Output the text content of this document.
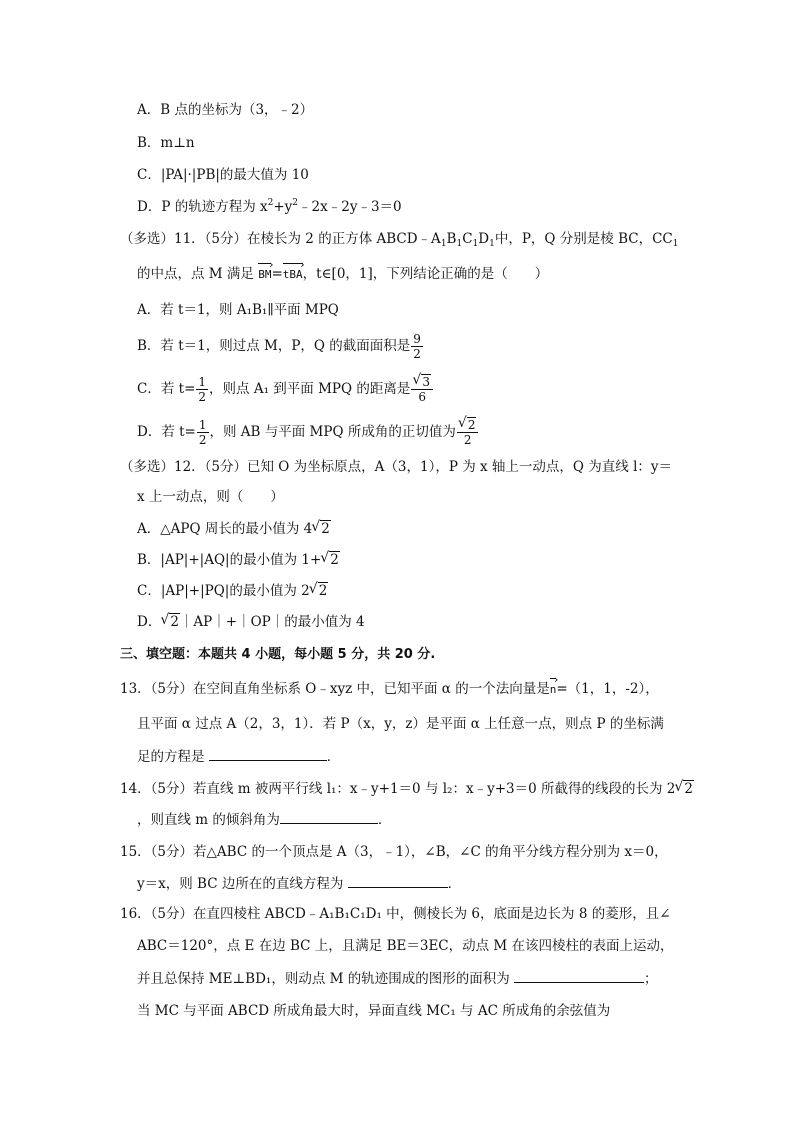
A．B 点的坐标为（3，﹣2）
B．m⊥n
C．|PA|·|PB|的最大值为 10
D．P 的轨迹方程为 $x^2+y^2﹣2x﹣2y﹣3=0$
（多选）11．（5分）在棱长为 2 的正方体 $ABCD﹣A_1B_1C_1D_1$中，P，Q 分别是棱 BC，$CC_1$
的中点，点 M 满足 › BM=› tBA，t∈[0，1]，下列结论正确的是（　　）
A．若 t＝1，则 A₁B₁∥平面 MPQ
B．若 t＝1，则过点 M，P，Q 的截面面积是 $\frac{9}{2}$
C．若 $t= \frac{1}{2}$ ，则点 A₁ 到平面 MPQ 的距离是 √ $\frac{3}{6}$
D．若 $t= \frac{1}{2}$ ，则 AB 与平面 MPQ 所成角的正切值为 √ $\frac{2}{2}$
（多选）12．（5分）已知 O 为坐标原点，A（3，1），P 为 x 轴上一动点，Q 为直线 l：y＝
x 上一动点，则（　　）
A．△APQ 周长的最小值为 4 √ 2
B．|AP|+|AQ|的最小值为 1+ √ 2
C．|AP|+|PQ|的最小值为 2 √ 2
D． √ 2｜AP｜+｜OP｜的最小值为 4
三、填空题：本题共 4 小题，每小题 5 分，共 20 分.
13．（5分）在空间直角坐标系 O﹣xyz 中，已知平面 α 的一个法向量是› n=（1，1，-2），
且平面 α 过点 A（2，3，1）．若 P（x，y，z）是平面 α 上任意一点，则点 P 的坐标满
足的方程是	．
14．（5分）若直线 m 被两平行线 l₁：x﹣y+1＝0 与 l₂：x﹣y+3＝0 所截得的线段的长为 2 √ 2
，则直线 m 的倾斜角为	．
15．（5分）若△ABC 的一个顶点是 A（3，﹣1），∠B，∠C 的角平分线方程分别为 x＝0，
y＝x，则 BC 边所在的直线方程为	．
16．（5分）在直四棱柱 ABCD﹣A₁B₁C₁D₁ 中，侧棱长为 6，底面是边长为 8 的菱形，且∠
ABC＝120°，点 E 在边 BC 上，且满足 BE＝3EC，动点 M 在该四棱柱的表面上运动，
并且总保持 ME⊥BD₁，则动点 M 的轨迹围成的图形的面积为	；
当 MC 与平面 ABCD 所成角最大时，异面直线 MC₁ 与 AC 所成角的余弦值为
